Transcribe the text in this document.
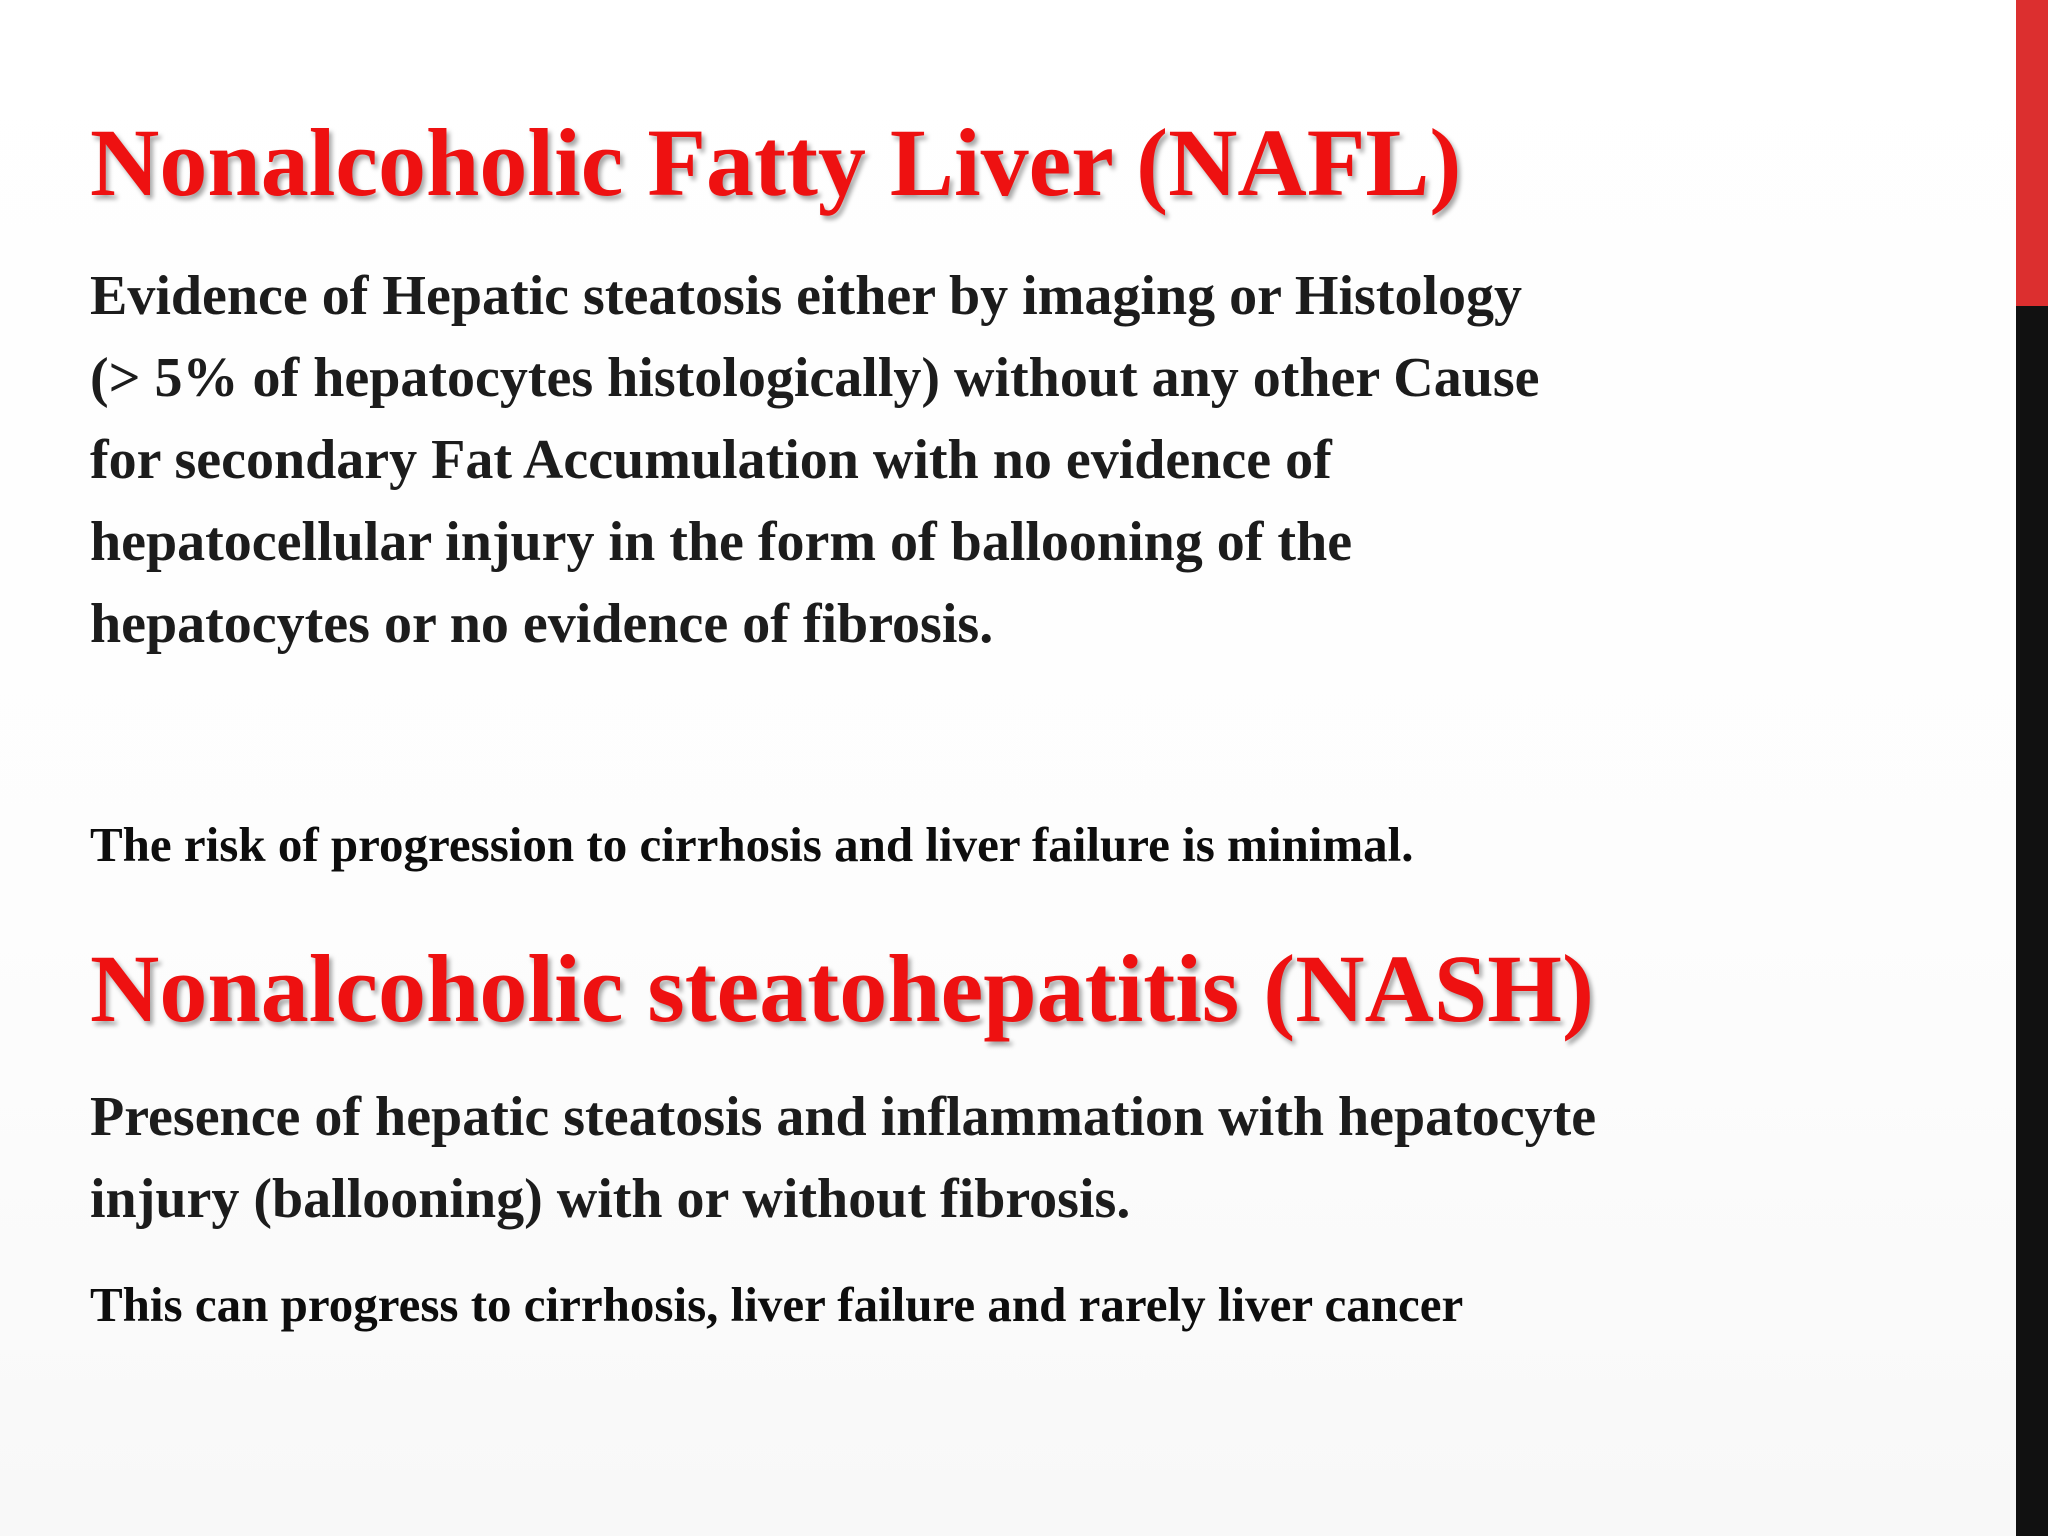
Nonalcoholic Fatty Liver (NAFL)

Evidence of Hepatic steatosis either by imaging or Histology
(> 5% of hepatocytes histologically) without any other Cause
for secondary Fat Accumulation with no evidence of
hepatocellular injury in the form of ballooning of the
hepatocytes or no evidence of fibrosis.

The risk of progression to cirrhosis and liver failure is minimal.

Nonalcoholic steatohepatitis (NASH)

Presence of hepatic steatosis and inflammation with hepatocyte
injury (ballooning) with or without fibrosis.

This can progress to cirrhosis, liver failure and rarely liver cancer
